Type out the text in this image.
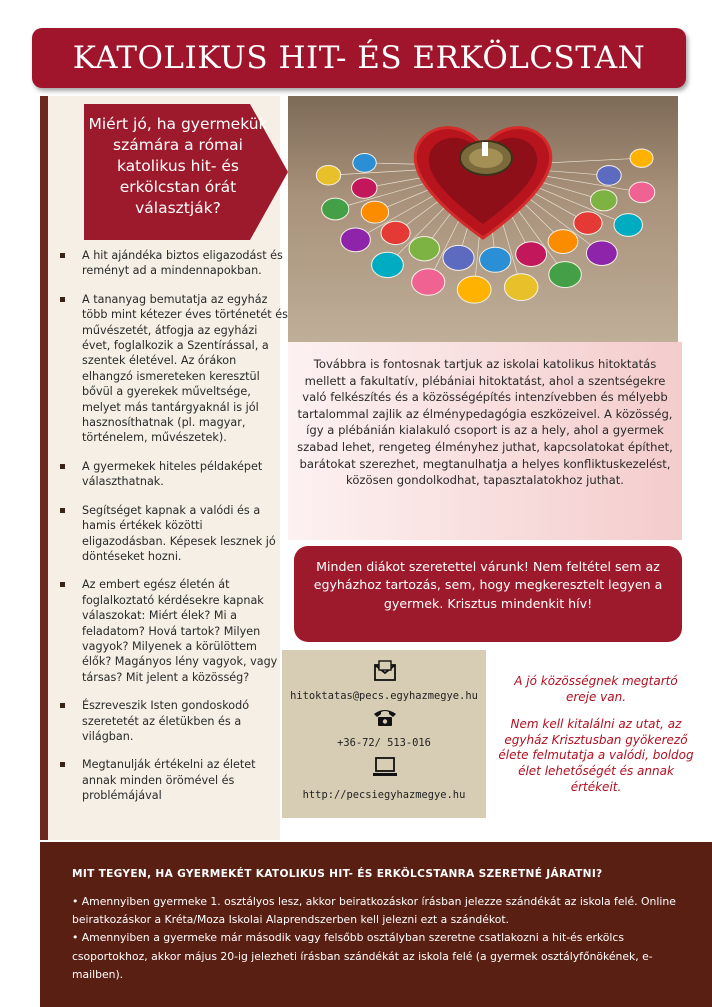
KATOLIKUS HIT- ÉS ERKÖLCSTAN
Miért jó, ha gyermekük számára a római katolikus hit- és erkölcstan órát választják?
A hit ajándéka biztos eligazodást és reményt ad a mindennapokban.
A tananyag bemutatja az egyház több mint kétezer éves történetét és művészetét, átfogja az egyházi évet, foglalkozik a Szentírással, a szentek életével. Az órákon elhangzó ismereteken keresztül bővül a gyerekek műveltsége, melyet más tantárgyaknál is jól hasznosíthatnak (pl. magyar, történelem, művészetek).
A gyermekek hiteles példaképet választhatnak.
Segítséget kapnak a valódi és a hamis értékek közötti eligazodásban. Képesek lesznek jó döntéseket hozni.
Az embert egész életén át foglalkoztató kérdésekre kapnak válaszokat: Miért élek? Mi a feladatom? Hová tartok? Milyen vagyok? Milyenek a körülöttem élők? Magányos lény vagyok, vagy társas? Mit jelent a közösség?
Észreveszik Isten gondoskodó szeretetét az életükben és a világban.
Megtanulják értékelni az életet annak minden örömével és problémájával
Továbbra is fontosnak tartjuk az iskolai katolikus hitoktatás mellett a fakultatív, plébániai hitoktatást, ahol a szentségekre való felkészítés és a közösségépítés intenzívebben és mélyebb tartalommal zajlik az élménypedagógia eszközeivel. A közösség, így a plébánián kialakuló csoport is az a hely, ahol a gyermek szabad lehet, rengeteg élményhez juthat, kapcsolatokat építhet, barátokat szerezhet, megtanulhatja a helyes konfliktuskezelést, közösen gondolkodhat, tapasztalatokhoz juthat.
Minden diákot szeretettel várunk! Nem feltétel sem az egyházhoz tartozás, sem, hogy megkeresztelt legyen a gyermek. Krisztus mindenkit hív!
hitoktatas@pecs.egyhazmegye.hu
+36-72/ 513-016
http://pecsiegyhazmegye.hu
A jó közösségnek megtartó ereje van.
Nem kell kitalálni az utat, az egyház Krisztusban gyökerező élete felmutatja a valódi, boldog élet lehetőségét és annak értékeit.
MIT TEGYEN, HA GYERMEKÉT KATOLIKUS HIT- ÉS ERKÖLCSTANRA SZERETNÉ JÁRATNI?
• Amennyiben gyermeke 1. osztályos lesz, akkor beiratkozáskor írásban jelezze szándékát az iskola felé. Online beiratkozáskor a Kréta/Moza Iskolai Alaprendszerben kell jelezni ezt a szándékot.
• Amennyiben a gyermeke már második vagy felsőbb osztályban szeretne csatlakozni a hit-és erkölcs csoportokhoz, akkor május 20-ig jelezheti írásban szándékát az iskola felé (a gyermek osztályfőnökének, e-mailben).
